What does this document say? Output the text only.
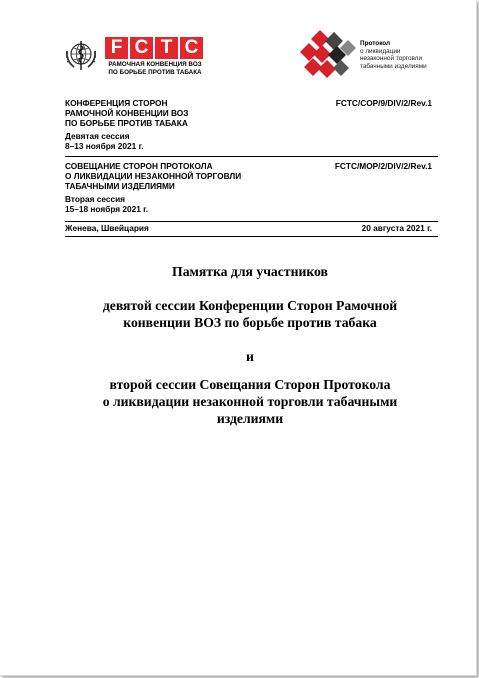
F C T C
РАМОЧНАЯ КОНВЕНЦИЯ ВОЗ
ПО БОРЬБЕ ПРОТИВ ТАБАКА
Протокол
о ликвидации
незаконной торговли
табачными изделиями
КОНФЕРЕНЦИЯ СТОРОН
РАМОЧНОЙ КОНВЕНЦИИ ВОЗ
ПО БОРЬБЕ ПРОТИВ ТАБАКА
Девятая сессия
8–13 ноября 2021 г.
FCTC/COP/9/DIV/2/Rev.1
СОВЕЩАНИЕ СТОРОН ПРОТОКОЛА
О ЛИКВИДАЦИИ НЕЗАКОННОЙ ТОРГОВЛИ
ТАБАЧНЫМИ ИЗДЕЛИЯМИ
Вторая сессия
15–18 ноября 2021 г.
FCTC/MOP/2/DIV/2/Rev.1
Женева, Швейцария	20 августа 2021 г.
Памятка для участников
девятой сессии Конференции Сторон Рамочной
конвенции ВОЗ по борьбе против табака
и
второй сессии Совещания Сторон Протокола
о ликвидации незаконной торговли табачными
изделиями
